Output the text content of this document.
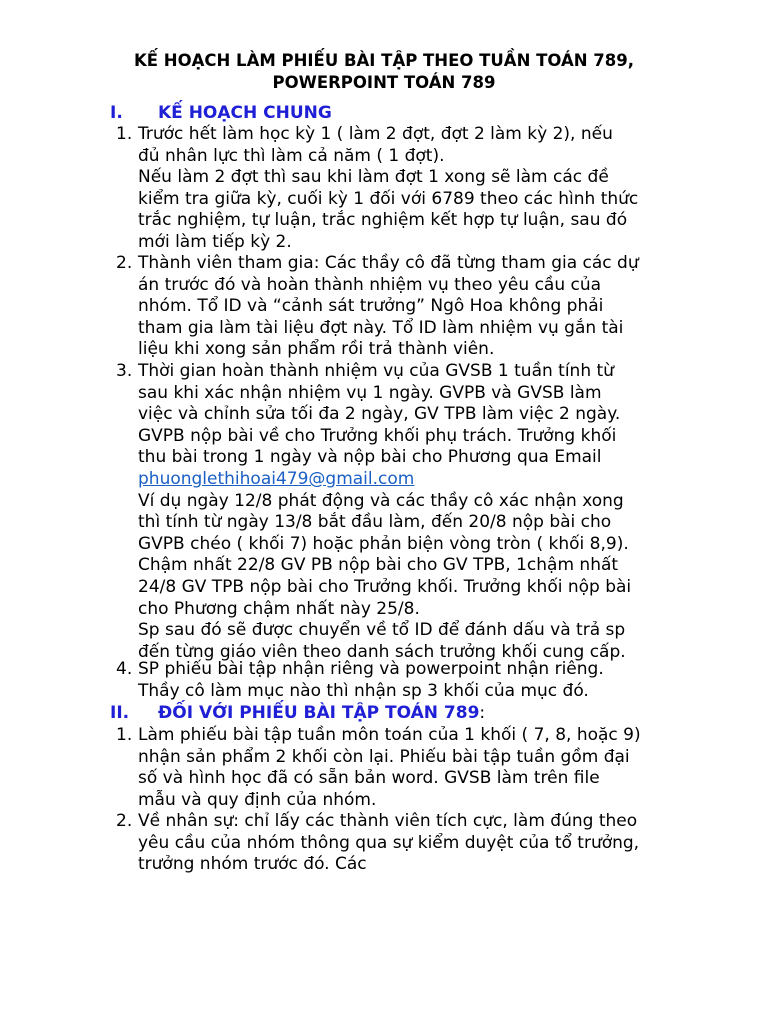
KẾ HOẠCH LÀM PHIẾU BÀI TẬP THEO TUẦN TOÁN 789,
POWERPOINT TOÁN 789
I. KẾ HOẠCH CHUNG
1. Trước hết làm học kỳ 1 ( làm 2 đợt, đợt 2 làm kỳ 2), nếu
đủ nhân lực thì làm cả năm ( 1 đợt).
Nếu làm 2 đợt thì sau khi làm đợt 1 xong sẽ làm các đề
kiểm tra giữa kỳ, cuối kỳ 1 đối với 6789 theo các hình thức
trắc nghiệm, tự luận, trắc nghiệm kết hợp tự luận, sau đó
mới làm tiếp kỳ 2.
2. Thành viên tham gia: Các thầy cô đã từng tham gia các dự
án trước đó và hoàn thành nhiệm vụ theo yêu cầu của
nhóm. Tổ ID và “cảnh sát trưởng” Ngô Hoa không phải
tham gia làm tài liệu đợt này. Tổ ID làm nhiệm vụ gắn tài
liệu khi xong sản phẩm rồi trả thành viên.
3. Thời gian hoàn thành nhiệm vụ của GVSB 1 tuần tính từ
sau khi xác nhận nhiệm vụ 1 ngày. GVPB và GVSB làm
việc và chỉnh sửa tối đa 2 ngày, GV TPB làm việc 2 ngày.
GVPB nộp bài về cho Trưởng khối phụ trách. Trưởng khối
thu bài trong 1 ngày và nộp bài cho Phương qua Email
phuonglethihoai479@gmail.com
Ví dụ ngày 12/8 phát động và các thầy cô xác nhận xong
thì tính từ ngày 13/8 bắt đầu làm, đến 20/8 nộp bài cho
GVPB chéo ( khối 7) hoặc phản biện vòng tròn ( khối 8,9).
Chậm nhất 22/8 GV PB nộp bài cho GV TPB, 1chậm nhất
24/8 GV TPB nộp bài cho Trưởng khối. Trưởng khối nộp bài
cho Phương chậm nhất này 25/8.
Sp sau đó sẽ được chuyển về tổ ID để đánh dấu và trả sp
đến từng giáo viên theo danh sách trưởng khối cung cấp.
4. SP phiếu bài tập nhận riêng và powerpoint nhận riêng.
Thầy cô làm mục nào thì nhận sp 3 khối của mục đó.
II. ĐỐI VỚI PHIẾU BÀI TẬP TOÁN 789:
1. Làm phiếu bài tập tuần môn toán của 1 khối ( 7, 8, hoặc 9)
nhận sản phẩm 2 khối còn lại. Phiếu bài tập tuần gồm đại
số và hình học đã có sẵn bản word. GVSB làm trên file
mẫu và quy định của nhóm.
2. Về nhân sự: chỉ lấy các thành viên tích cực, làm đúng theo
yêu cầu của nhóm thông qua sự kiểm duyệt của tổ trưởng,
trưởng nhóm trước đó. Các
